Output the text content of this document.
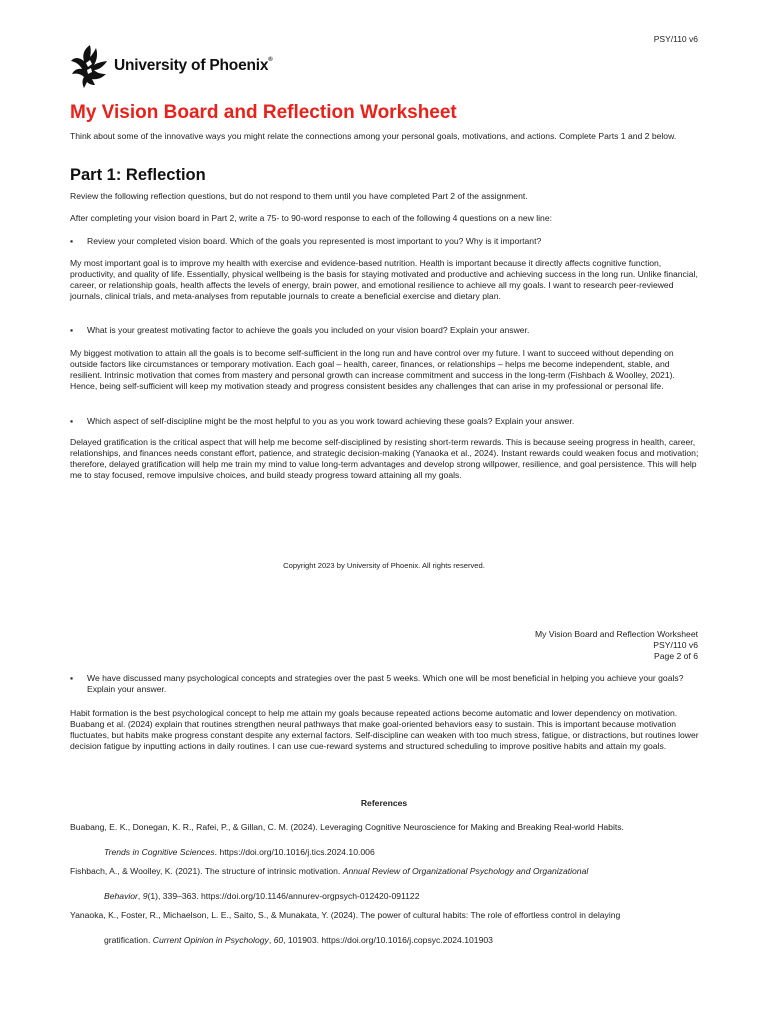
PSY/110 v6
University of Phoenix®
My Vision Board and Reflection Worksheet

Think about some of the innovative ways you might relate the connections among your personal goals, motivations, and actions. Complete Parts 1 and 2 below.

Part 1: Reflection

Review the following reflection questions, but do not respond to them until you have completed Part 2 of the assignment.

After completing your vision board in Part 2, write a 75- to 90-word response to each of the following 4 questions on a new line:

▪	Review your completed vision board. Which of the goals you represented is most important to you? Why is it important?

My most important goal is to improve my health with exercise and evidence-based nutrition. Health is important because it directly affects cognitive function, productivity, and quality of life. Essentially, physical wellbeing is the basis for staying motivated and productive and achieving success in the long run. Unlike financial, career, or relationship goals, health affects the levels of energy, brain power, and emotional resilience to achieve all my goals. I want to research peer-reviewed journals, clinical trials, and meta-analyses from reputable journals to create a beneficial exercise and dietary plan.

▪	What is your greatest motivating factor to achieve the goals you included on your vision board? Explain your answer.

My biggest motivation to attain all the goals is to become self-sufficient in the long run and have control over my future. I want to succeed without depending on outside factors like circumstances or temporary motivation. Each goal – health, career, finances, or relationships – helps me become independent, stable, and resilient. Intrinsic motivation that comes from mastery and personal growth can increase commitment and success in the long-term (Fishbach & Woolley, 2021). Hence, being self-sufficient will keep my motivation steady and progress consistent besides any challenges that can arise in my professional or personal life.

▪	Which aspect of self-discipline might be the most helpful to you as you work toward achieving these goals? Explain your answer.

Delayed gratification is the critical aspect that will help me become self-disciplined by resisting short-term rewards. This is because seeing progress in health, career, relationships, and finances needs constant effort, patience, and strategic decision-making (Yanaoka et al., 2024). Instant rewards could weaken focus and motivation; therefore, delayed gratification will help me train my mind to value long-term advantages and develop strong willpower, resilience, and goal persistence. This will help me to stay focused, remove impulsive choices, and build steady progress toward attaining all my goals.

Copyright 2023 by University of Phoenix. All rights reserved.
My Vision Board and Reflection Worksheet
PSY/110 v6
Page 2 of 6
▪	We have discussed many psychological concepts and strategies over the past 5 weeks. Which one will be most beneficial in helping you achieve your goals? Explain your answer.

Habit formation is the best psychological concept to help me attain my goals because repeated actions become automatic and lower dependency on motivation. Buabang et al. (2024) explain that routines strengthen neural pathways that make goal-oriented behaviors easy to sustain. This is important because motivation fluctuates, but habits make progress constant despite any external factors. Self-discipline can weaken with too much stress, fatigue, or distractions, but routines lower decision fatigue by inputting actions in daily routines. I can use cue-reward systems and structured scheduling to improve positive habits and attain my goals.

References
Buabang, E. K., Donegan, K. R., Rafei, P., & Gillan, C. M. (2024). Leveraging Cognitive Neuroscience for Making and Breaking Real-world Habits.
Trends in Cognitive Sciences. https://doi.org/10.1016/j.tics.2024.10.006
Fishbach, A., & Woolley, K. (2021). The structure of intrinsic motivation. Annual Review of Organizational Psychology and Organizational
Behavior, 9(1), 339–363. https://doi.org/10.1146/annurev-orgpsych-012420-091122
Yanaoka, K., Foster, R., Michaelson, L. E., Saito, S., & Munakata, Y. (2024). The power of cultural habits: The role of effortless control in delaying
gratification. Current Opinion in Psychology, 60, 101903. https://doi.org/10.1016/j.copsyc.2024.101903
